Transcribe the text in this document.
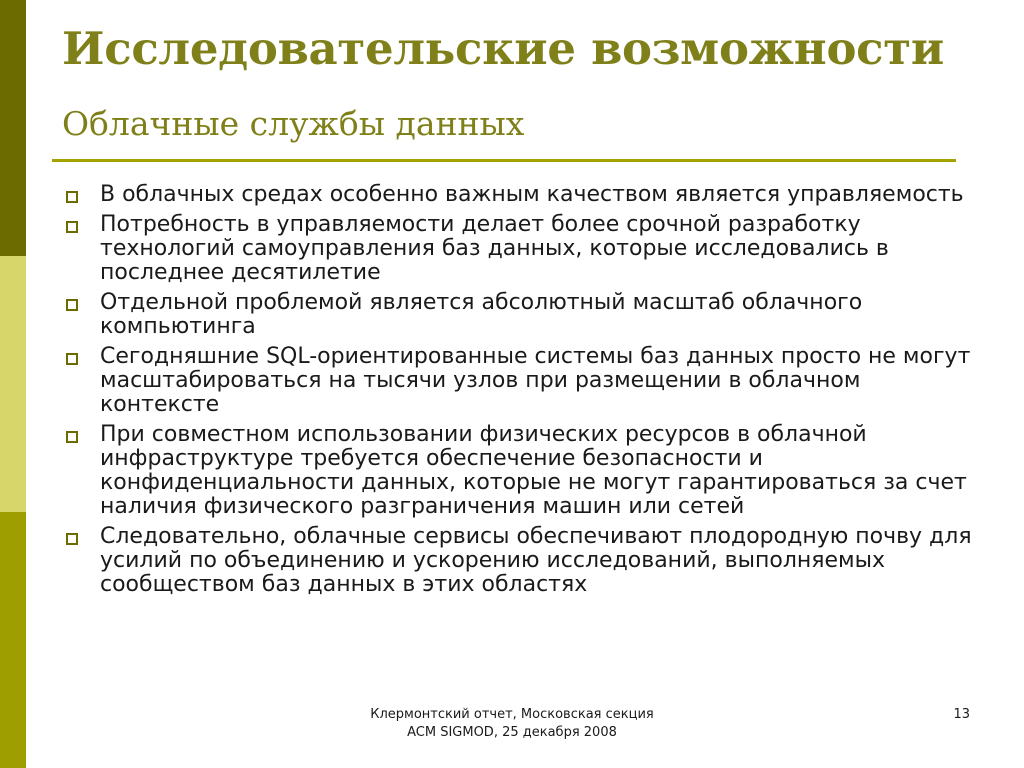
Исследовательские возможности
Облачные службы данных
В облачных средах особенно важным качеством является управляемость
Потребность в управляемости делает более срочной разработку технологий самоуправления баз данных, которые исследовались в последнее десятилетие
Отдельной проблемой является абсолютный масштаб облачного компьютинга
Сегодняшние SQL-ориентированные системы баз данных просто не могут масштабироваться на тысячи узлов при размещении в облачном контексте
При совместном использовании физических ресурсов в облачной инфраструктуре требуется обеспечение безопасности и конфиденциальности данных, которые не могут гарантироваться за счет наличия физического разграничения машин или сетей
Следовательно, облачные сервисы обеспечивают плодородную почву для усилий по объединению и ускорению исследований, выполняемых сообществом баз данных в этих областях
Клермонтский отчет, Московская секция
ACM SIGMOD, 25 декабря 2008
13
